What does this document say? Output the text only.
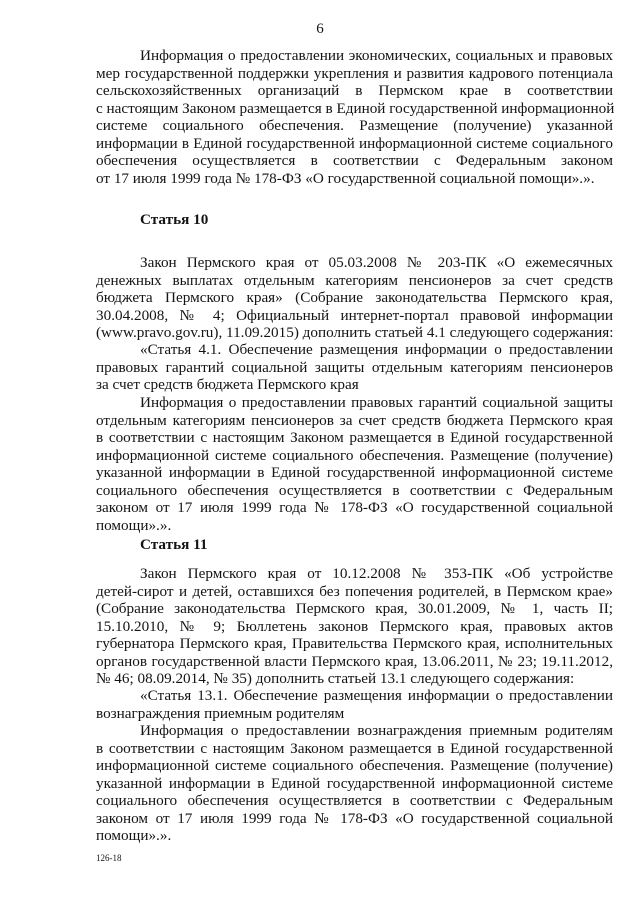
6

Информация о предоставлении экономических, социальных и правовых
мер государственной поддержки укрепления и развития кадрового потенциала
сельскохозяйственных организаций в Пермском крае в соответствии
с настоящим Законом размещается в Единой государственной информационной
системе социального обеспечения. Размещение (получение) указанной
информации в Единой государственной информационной системе социального
обеспечения осуществляется в соответствии с Федеральным законом
от 17 июля 1999 года № 178-ФЗ «О государственной социальной помощи».».

Статья 10

Закон Пермского края от 05.03.2008 № 203-ПК «О ежемесячных
денежных выплатах отдельным категориям пенсионеров за счет средств
бюджета Пермского края» (Собрание законодательства Пермского края,
30.04.2008, № 4; Официальный интернет-портал правовой информации
(www.pravo.gov.ru), 11.09.2015) дополнить статьей 4.1 следующего содержания:

«Статья 4.1. Обеспечение размещения информации о предоставлении
правовых гарантий социальной защиты отдельным категориям пенсионеров
за счет средств бюджета Пермского края

Информация о предоставлении правовых гарантий социальной защиты
отдельным категориям пенсионеров за счет средств бюджета Пермского края
в соответствии с настоящим Законом размещается в Единой государственной
информационной системе социального обеспечения. Размещение (получение)
указанной информации в Единой государственной информационной системе
социального обеспечения осуществляется в соответствии с Федеральным
законом от 17 июля 1999 года № 178-ФЗ «О государственной социальной
помощи».».

Статья 11

Закон Пермского края от 10.12.2008 № 353-ПК «Об устройстве
детей-сирот и детей, оставшихся без попечения родителей, в Пермском крае»
(Собрание законодательства Пермского края, 30.01.2009, № 1, часть II;
15.10.2010, № 9; Бюллетень законов Пермского края, правовых актов
губернатора Пермского края, Правительства Пермского края, исполнительных
органов государственной власти Пермского края, 13.06.2011, № 23; 19.11.2012,
№ 46; 08.09.2014, № 35) дополнить статьей 13.1 следующего содержания:

«Статья 13.1. Обеспечение размещения информации о предоставлении
вознаграждения приемным родителям

Информация о предоставлении вознаграждения приемным родителям
в соответствии с настоящим Законом размещается в Единой государственной
информационной системе социального обеспечения. Размещение (получение)
указанной информации в Единой государственной информационной системе
социального обеспечения осуществляется в соответствии с Федеральным
законом от 17 июля 1999 года № 178-ФЗ «О государственной социальной
помощи».».

126-18
